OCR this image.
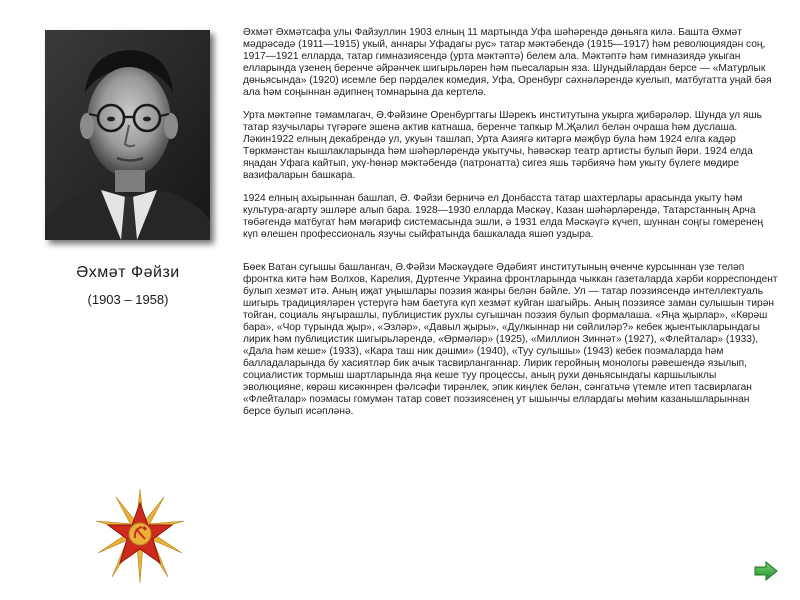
Әхмәт Фәйзи
(1903 – 1958)

Әхмәт Әхмәтсафа улы Файзуллин 1903 елның 11 мартында Уфа шәһәрендә дөньяга килә. Башта Әхмәт мәдрәсәдә (1911—1915) укый, аннары Уфадагы рус» татар мәктәбендә (1915—1917) һәм революциядән соң, 1917—1921 елларда, татар гимназиясендә (урта мәктәптә) белем ала. Мәктәптә һәм гимназиядә укыган елларында үзенең беренче әйрәнчек шигырьләрен һәм пьесаларын яза. Шундыйлардан берсе — «Матурлык дөньясында» (1920) исемле бер пәрдәлек комедия, Уфа, Оренбург сәхнәләрендә куелып, матбугатта уңай бәя ала һәм соңыннан әдипнең томнарына да кертелә.

Урта мәктәпне тәмамлагач, Ә.Фәйзине Оренбургтагы Шәрекъ институтына укырга җибәрәләр. Шунда ул яшь татар язучылары түгәрәге эшенә актив катнаша, беренче тапкыр М.Җәлил белән очраша һәм дуслаша. Ләкин1922 елның декабрендә ул, укуын ташлап, Урта Азиягә китәргә мәҗбүр була һәм 1924 елга кадәр Төркмәнстан кышлакларында һәм шәһәрләрендә укытучы, һәвәскәр театр артисты булып йөри. 1924 елда яңадан Уфага кайтып, укү-һөнәр мәктәбендә (патронатта) сигез яшь тәрбиячә һәм укыту бүлеге мөдире вазифаларын башкара.

1924 елның ахырыннан башлап, Ә. Фәйзи берничә ел Донбасста татар шахтерлары арасында укыту һәм культура-агарту эшләре алып бара. 1928—1930 елларда Мәскәү, Казан шәһәрләрендә, Татарстанның Арча төбәгендә матбугат һәм мәгариф системасында эшли, ә 1931 елда Мәскәүгә күчеп, шуннан соңгы гомеренең күп өлешен профессиональ язучы сыйфатында башкалада яшәп уздыра.

Бөек Ватан сугышы башлангач, Ә.Фәйзи Мәскәүдәге Әдәбият институтының өченче курсыннан үзе теләп фронтка китә һәм Волхов, Карелия, Дуртенче Украина фронтларында чыккан газеталарда хәрби корреспондент булып хезмәт итә. Аның иҗат уңышлары поэзия жанры белән бәйле. Ул — татар поэзиясендә интеллектуаль шигырь традицияләрен үстерүгә һәм баетуга күп хезмәт куйган шагыйрь. Аның поэзиясе заман сулышын тирән тойган, социаль яңгырашлы, публицистик рухлы сугышчан поэзия булып формалаша. «Яңа җырлар», «Көрәш бара», «Чор түрында җыр», «Эзләр», «Давыл җыры», «Дулкыннар ни сөйлиләр?» кебек җыентыкларындагы лирик һәм публицистик шигырьләрендә, «Өрмәләр» (1925), «Миллион Зиннәт» (1927), «Флейталар» (1933), «Дала һәм кеше» (1933), «Кара таш ник дәшми» (1940), «Туу сулышы» (1943) кебек поэмаларда һәм балладаларында бу хасиятләр бик ачык тасвирланганнар. Лирик геройның монологы рәвешендә язылып, социалистик тормыш шартларында яңа кеше туу процессы, аның рухи дөньясындагы каршылыклы эволюцияне, көрәш кисәкннрен фәлсәфи тирәнлек, эпик киңлек белән, сәнгатьчә үтемле итеп тасвирлаган «Флейталар» поэмасы гомумән татар совет поэзиясенең ут ышынчы еллардагы мөһим казанышларыннан берсе булып исәпләнә.
